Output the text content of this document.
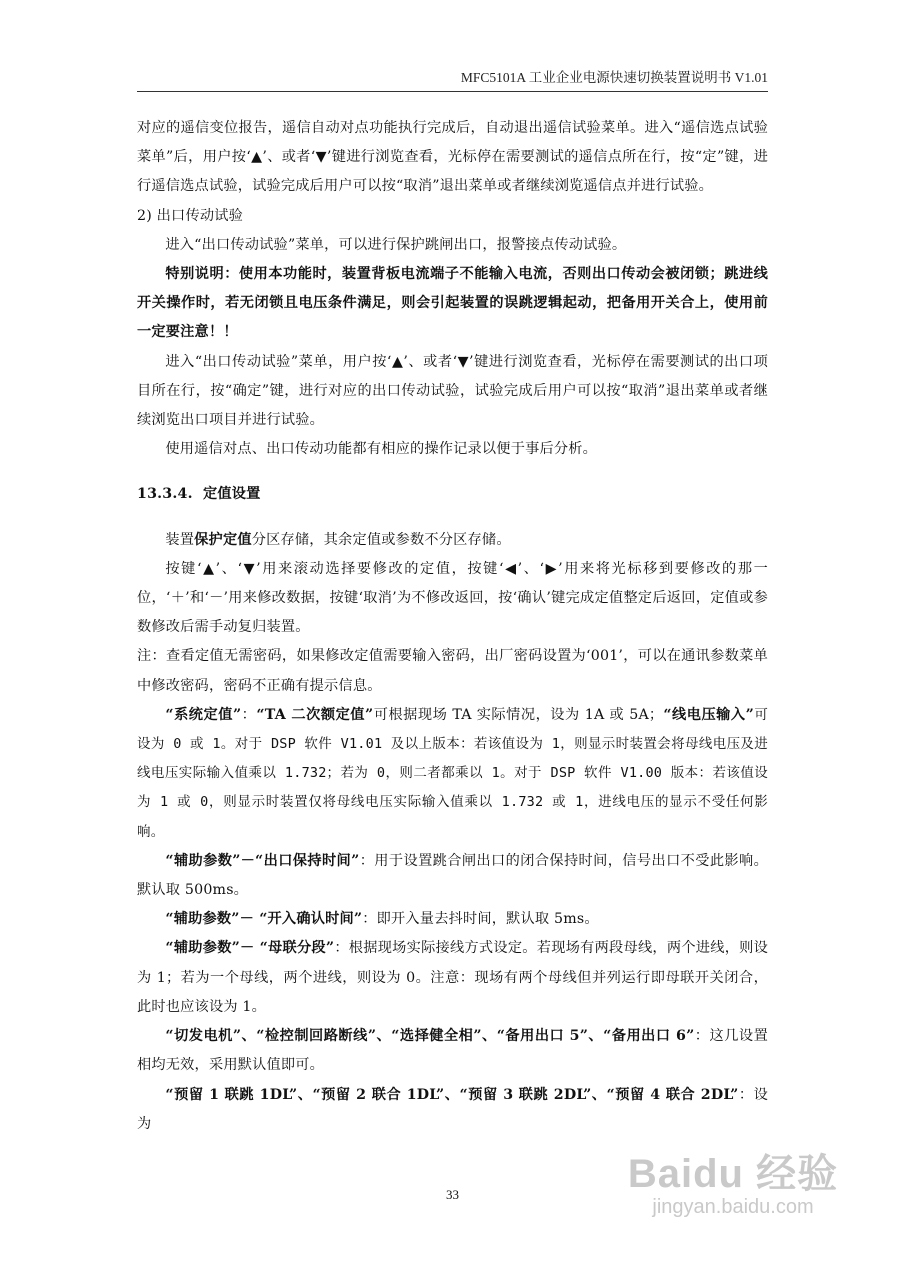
MFC5101A 工业企业电源快速切换装置说明书 V1.01

对应的遥信变位报告，遥信自动对点功能执行完成后，自动退出遥信试验菜单。进入“遥信选点试验菜单”后，用户按‘▲’、或者‘▼’键进行浏览查看，光标停在需要测试的遥信点所在行，按“定”键，进行遥信选点试验，试验完成后用户可以按“取消”退出菜单或者继续浏览遥信点并进行试验。

2) 出口传动试验

进入“出口传动试验”菜单，可以进行保护跳闸出口，报警接点传动试验。

特别说明：使用本功能时，装置背板电流端子不能输入电流，否则出口传动会被闭锁；跳进线开关操作时，若无闭锁且电压条件满足，则会引起装置的误跳逻辑起动，把备用开关合上，使用前一定要注意！！

进入“出口传动试验”菜单，用户按‘▲’、或者‘▼’键进行浏览查看，光标停在需要测试的出口项目所在行，按“确定”键，进行对应的出口传动试验，试验完成后用户可以按“取消”退出菜单或者继续浏览出口项目并进行试验。

使用遥信对点、出口传动功能都有相应的操作记录以便于事后分析。

13.3.4. 定值设置

装置保护定值分区存储，其余定值或参数不分区存储。

按键‘▲’、‘▼’用来滚动选择要修改的定值，按键‘◀’、‘▶’用来将光标移到要修改的那一位，‘＋’和‘－’用来修改数据，按键‘取消’为不修改返回，按‘确认’键完成定值整定后返回，定值或参数修改后需手动复归装置。

注：查看定值无需密码，如果修改定值需要输入密码，出厂密码设置为‘001’，可以在通讯参数菜单中修改密码，密码不正确有提示信息。

“系统定值”：“TA 二次额定值”可根据现场 TA 实际情况，设为 1A 或 5A；“线电压输入”可设为 0 或 1。对于 DSP 软件 V1.01 及以上版本：若该值设为 1，则显示时装置会将母线电压及进线电压实际输入值乘以 1.732；若为 0，则二者都乘以 1。对于 DSP 软件 V1.00 版本：若该值设为 1 或 0，则显示时装置仅将母线电压实际输入值乘以 1.732 或 1，进线电压的显示不受任何影响。

“辅助参数”－“出口保持时间”：用于设置跳合闸出口的闭合保持时间，信号出口不受此影响。默认取 500ms。

“辅助参数”－ “开入确认时间”：即开入量去抖时间，默认取 5ms。

“辅助参数”－ “母联分段”：根据现场实际接线方式设定。若现场有两段母线，两个进线，则设为 1；若为一个母线，两个进线，则设为 0。注意：现场有两个母线但并列运行即母联开关闭合，此时也应该设为 1。

“切发电机”、“检控制回路断线”、“选择健全相”、“备用出口 5”、“备用出口 6”：这几设置相均无效，采用默认值即可。

“预留 1 联跳 1DL”、“预留 2 联合 1DL”、“预留 3 联跳 2DL”、“预留 4 联合 2DL”：设为

33	Baidu 经验
jingyan.baidu.com
